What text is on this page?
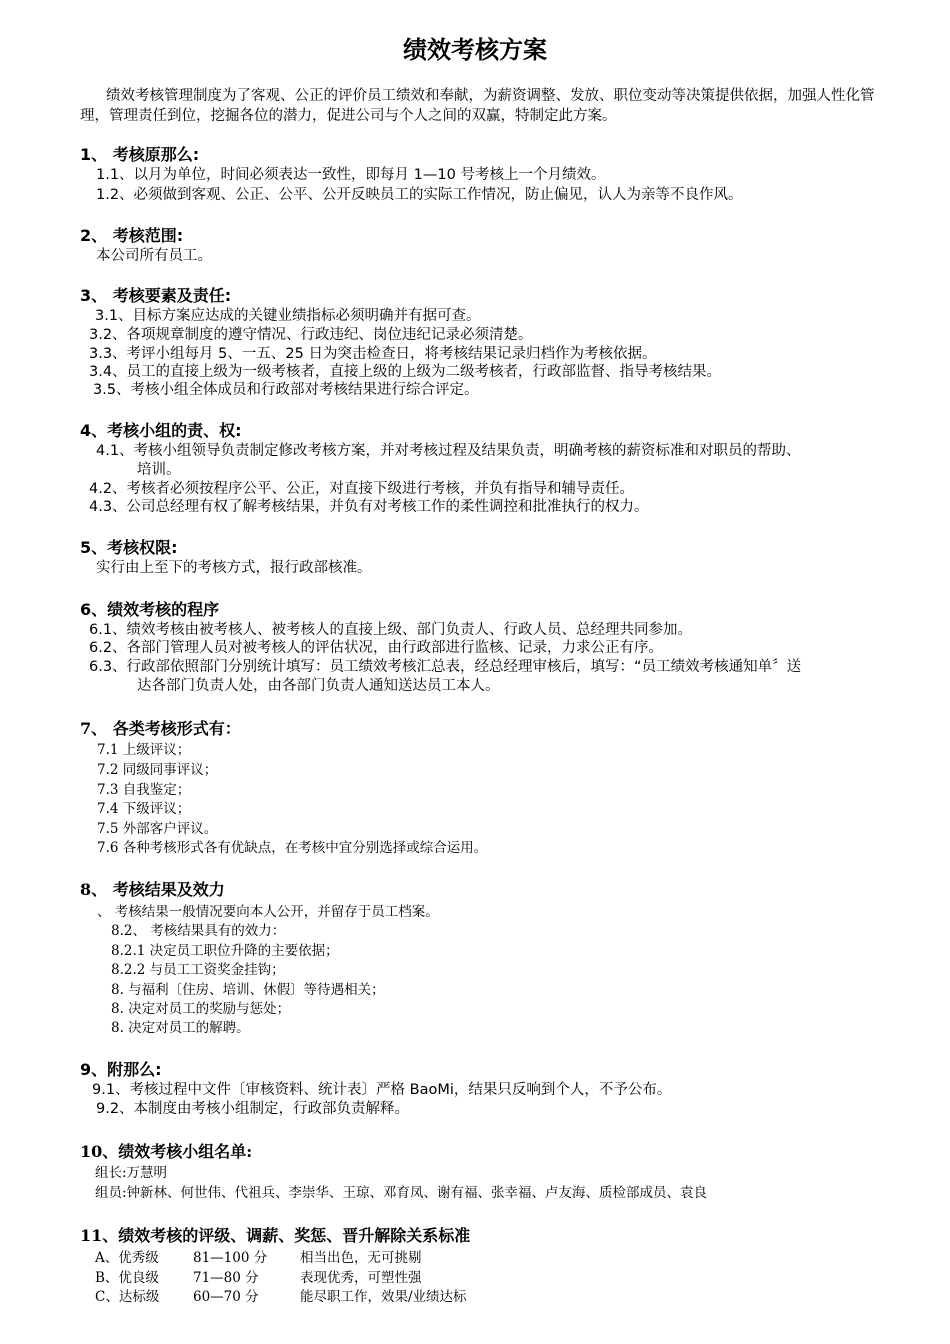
绩效考核方案
绩效考核管理制度为了客观、公正的评价员工绩效和奉献，为薪资调整、发放、职位变动等决策提供依据，加强人性化管理，管理责任到位，挖掘各位的潜力，促进公司与个人之间的双赢，特制定此方案。
1、 考核原那么:
1.1、以月为单位，时间必须表达一致性，即每月 1—10 号考核上一个月绩效。
1.2、必须做到客观、公正、公平、公开反映员工的实际工作情况，防止偏见，认人为亲等不良作风。
2、 考核范围:
本公司所有员工。
3、 考核要素及责任:
3.1、目标方案应达成的关键业绩指标必须明确并有据可查。
3.2、各项规章制度的遵守情况、行政违纪、岗位违纪记录必须清楚。
3.3、考评小组每月 5、一五、25 日为突击检查日，将考核结果记录归档作为考核依据。
3.4、员工的直接上级为一级考核者，直接上级的上级为二级考核者，行政部监督、指导考核结果。
3.5、考核小组全体成员和行政部对考核结果进行综合评定。
4、考核小组的责、权:
4.1、考核小组领导负责制定修改考核方案，并对考核过程及结果负责，明确考核的薪资标准和对职员的帮助、
培训。
4.2、考核者必须按程序公平、公正，对直接下级进行考核，并负有指导和辅导责任。
4.3、公司总经理有权了解考核结果，并负有对考核工作的柔性调控和批准执行的权力。
5、考核权限:
实行由上至下的考核方式，报行政部核准。
6、绩效考核的程序
6.1、绩效考核由被考核人、被考核人的直接上级、部门负责人、行政人员、总经理共同参加。
6.2、各部门管理人员对被考核人的评估状况，由行政部进行监核、记录，力求公正有序。
6.3、行政部依照部门分别统计填写：员工绩效考核汇总表，经总经理审核后，填写：“员工绩效考核通知单〞送
达各部门负责人处，由各部门负责人通知送达员工本人。
7、 各类考核形式有：
7.1 上级评议；
7.2 同级同事评议；
7.3 自我鉴定；
7.4 下级评议；
7.5 外部客户评议。
7.6 各种考核形式各有优缺点，在考核中宜分别选择或综合运用。
8、 考核结果及效力
、 考核结果一般情况要向本人公开，并留存于员工档案。
8.2、 考核结果具有的效力：
8.2.1 决定员工职位升降的主要依据；
8.2.2 与员工工资奖金挂钩；
8. 与福利〔住房、培训、休假〕等待遇相关；
8. 决定对员工的奖励与惩处；
8. 决定对员工的解聘。
9、附那么:
9.1、考核过程中文件〔审核资料、统计表〕严格 BaoMi，结果只反响到个人，不予公布。
9.2、本制度由考核小组制定，行政部负责解释。
10、绩效考核小组名单:
组长:万慧明
组员:钟新林、何世伟、代祖兵、李崇华、王琼、邓育凤、谢有福、张幸福、卢友海、质检部成员、袁良
11、绩效考核的评级、调薪、奖惩、晋升解除关系标准
A、优秀级	81—100 分 相当出色，无可挑剔
B、优良级	71—80 分	表现优秀，可塑性强
C、达标级 60—70 分	能尽职工作，效果/业绩达标
